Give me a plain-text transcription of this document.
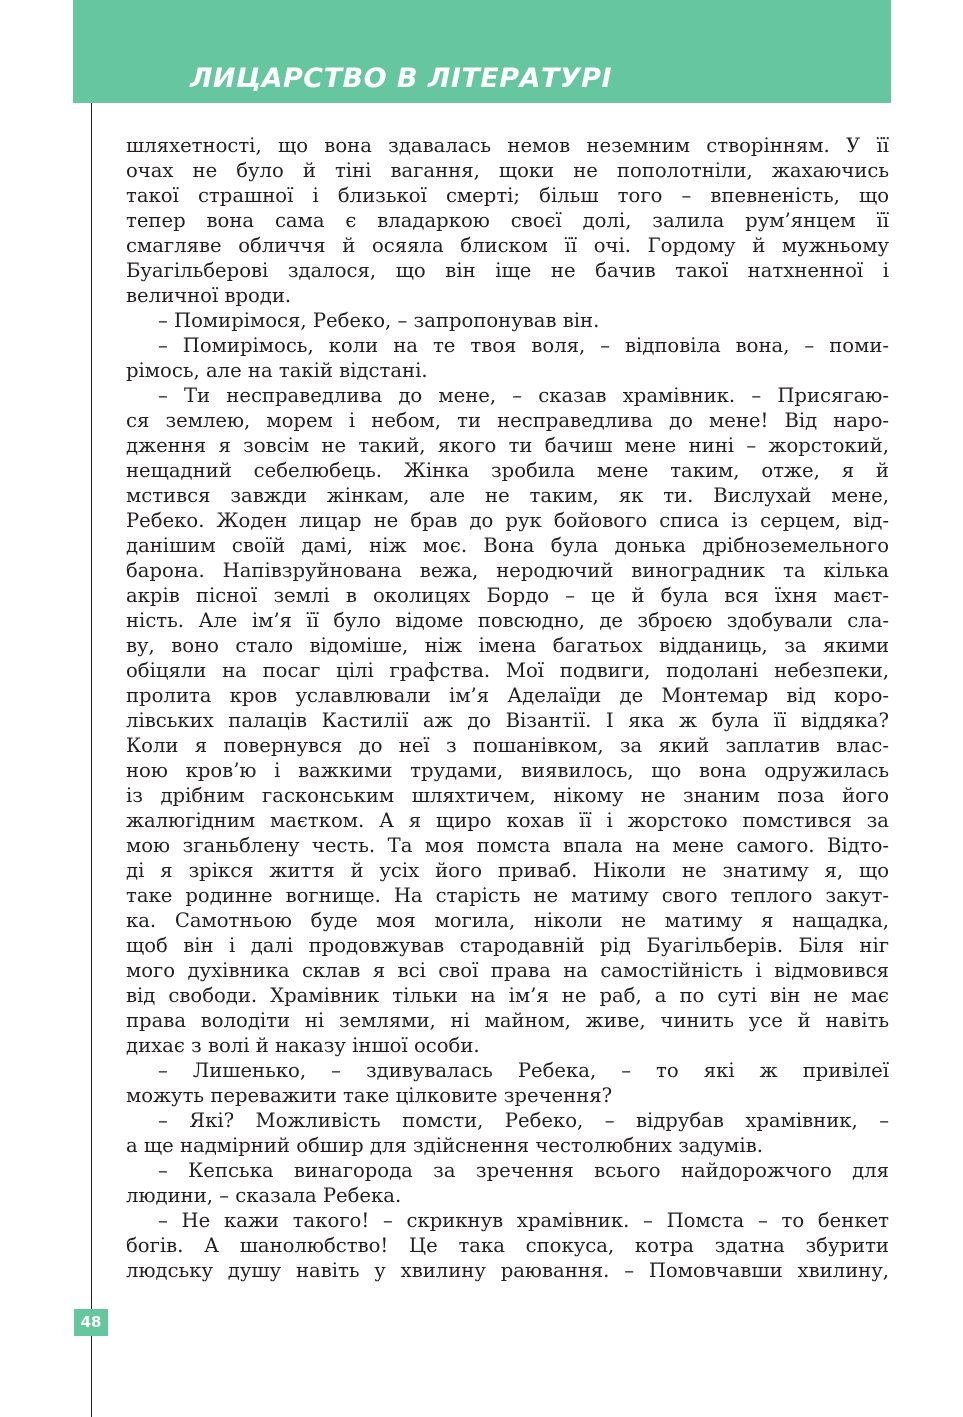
ЛИЦАРСТВО В ЛІТЕРАТУРІ
48
шляхетності, що вона здавалась немов неземним створінням. У її
очах не було й тіні вагання, щоки не пополотніли, жахаючись
такої страшної і близької смерті; більш того – впевненість, що
тепер вона сама є владаркою своєї долі, залила рум’янцем її
смагляве обличчя й осяяла блиском її очі. Гордому й мужньому
Буагільберові здалося, що він іще не бачив такої натхненної і
величної вроди.
– Помирімося, Ребеко, – запропонував він.
– Помирімось, коли на те твоя воля, – відповіла вона, – поми-
рімось, але на такій відстані.
– Ти несправедлива до мене, – сказав храмівник. – Присягаю-
ся землею, морем і небом, ти несправедлива до мене! Від наро-
дження я зовсім не такий, якого ти бачиш мене нині – жорстокий,
нещадний себелюбець. Жінка зробила мене таким, отже, я й
мстився завжди жінкам, але не таким, як ти. Вислухай мене,
Ребеко. Жоден лицар не брав до рук бойового списа із серцем, від-
данішим своїй дамі, ніж моє. Вона була донька дрібноземельного
барона. Напівзруйнована вежа, неродючий виноградник та кілька
акрів пісної землі в околицях Бордо – це й була вся їхня маєт-
ність. Але ім’я її було відоме повсюдно, де зброєю здобували сла-
ву, воно стало відоміше, ніж імена багатьох відданиць, за якими
обіцяли на посаг цілі графства. Мої подвиги, подолані небезпеки,
пролита кров уславлювали ім’я Аделаїди де Монтемар від коро-
лівських палаців Кастилії аж до Візантії. І яка ж була її віддяка?
Коли я повернувся до неї з пошанівком, за який заплатив влас-
ною кров’ю і важкими трудами, виявилось, що вона одружилась
із дрібним гасконським шляхтичем, нікому не знаним поза його
жалюгідним маєтком. А я щиро кохав її і жорстоко помстився за
мою зганьблену честь. Та моя помста впала на мене самого. Відто-
ді я зрікся життя й усіх його приваб. Ніколи не знатиму я, що
таке родинне вогнище. На старість не матиму свого теплого закут-
ка. Самотньою буде моя могила, ніколи не матиму я нащадка,
щоб він і далі продовжував стародавній рід Буагільберів. Біля ніг
мого духівника склав я всі свої права на самостійність і відмовився
від свободи. Храмівник тільки на ім’я не раб, а по суті він не має
права володіти ні землями, ні майном, живе, чинить усе й навіть
дихає з волі й наказу іншої особи.
– Лишенько, – здивувалась Ребека, – то які ж привілеї
можуть переважити таке цілковите зречення?
– Які? Можливість помсти, Ребеко, – відрубав храмівник, –
а ще надмірний обшир для здійснення честолюбних задумів.
– Кепська винагорода за зречення всього найдорожчого для
людини, – сказала Ребека.
– Не кажи такого! – скрикнув храмівник. – Помста – то бенкет
богів. А шанолюбство! Це така спокуса, котра здатна збурити
людську душу навіть у хвилину раювання. – Помовчавши хвилину,
